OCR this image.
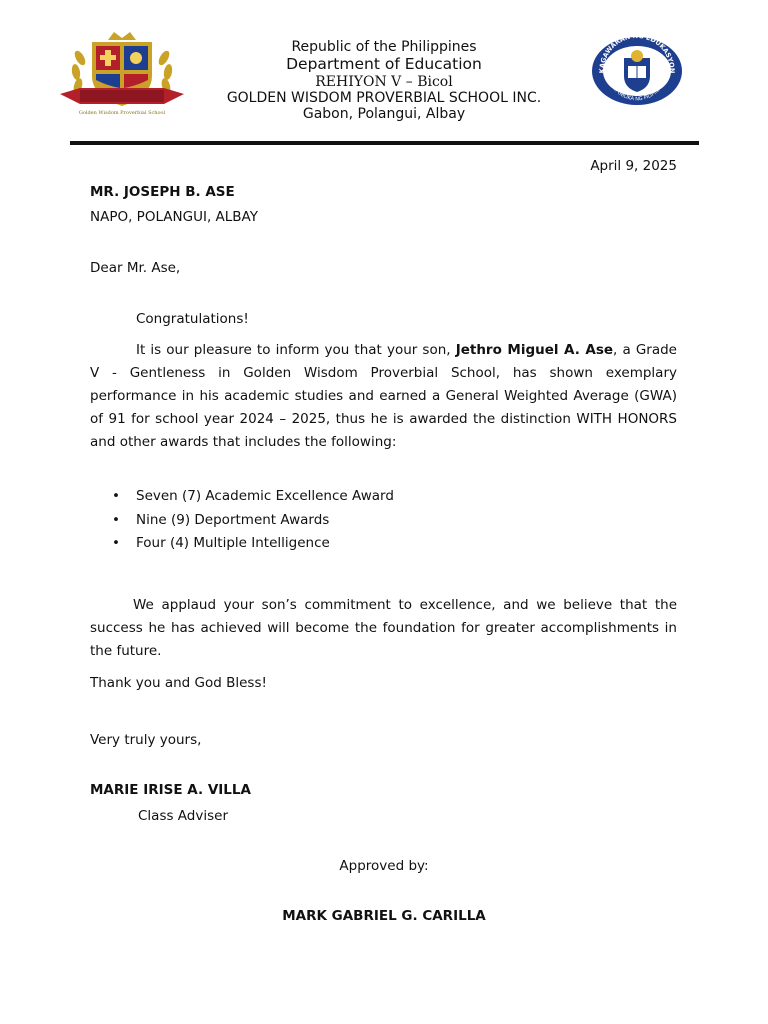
Golden Wisdom Proverbial School
Republic of the Philippines
Department of Education
REHIYON V – Bicol
GOLDEN WISDOM PROVERBIAL SCHOOL INC.
Gabon, Polangui, Albay
KAGAWARAN NG EDUKASYON
REPUBLIKA NG PILIPINAS
April 9, 2025
MR. JOSEPH B. ASE
NAPO, POLANGUI, ALBAY
Dear Mr. Ase,
Congratulations!
It is our pleasure to inform you that your son, Jethro Miguel A. Ase, a Grade V - Gentleness in Golden Wisdom Proverbial School, has shown exemplary performance in his academic studies and earned a General Weighted Average (GWA) of 91 for school year 2024 – 2025, thus he is awarded the distinction WITH HONORS and other awards that includes the following:
• Seven (7) Academic Excellence Award
• Nine (9) Deportment Awards
• Four (4) Multiple Intelligence
We applaud your son’s commitment to excellence, and we believe that the success he has achieved will become the foundation for greater accomplishments in the future.
Thank you and God Bless!
Very truly yours,
MARIE IRISE A. VILLA
Class Adviser
Approved by:
MARK GABRIEL G. CARILLA
